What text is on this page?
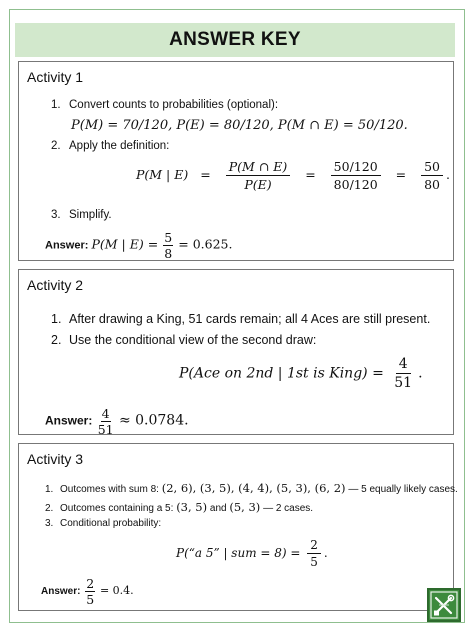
ANSWER KEY
Activity 1
1. Convert counts to probabilities (optional):
P(M) = 70/120, P(E) = 80/120, P(M ∩ E) = 50/120.
2. Apply the definition:
P(M | $E) = \frac{P(M \cap E)}{P(E)} = \frac{50/120}{80/120} = \frac{50}{80}$ .
3. Simplify.
Answer: P(M | $E) = \frac{5}{8} = 0.625$.
Activity 2
1. After drawing a King, 51 cards remain; all 4 Aces are still present.
2. Use the conditional view of the second draw:
P(Ace on 2nd | 1st is King) = $\frac{4}{51}$ .
Answer: $\frac{4}{51} \approx 0.0784$.
Activity 3
1. Outcomes with sum 8: (2, 6), (3, 5), (4, 4), (5, 3), (6, 2) — 5 equally likely cases.
2. Outcomes containing a 5: (3, 5) and (5, 3) — 2 cases.
3. Conditional probability:
P(“a 5” | sum = $8) = \frac{2}{5}$ .
Answer: $\frac{2}{5} = 0.4$.
